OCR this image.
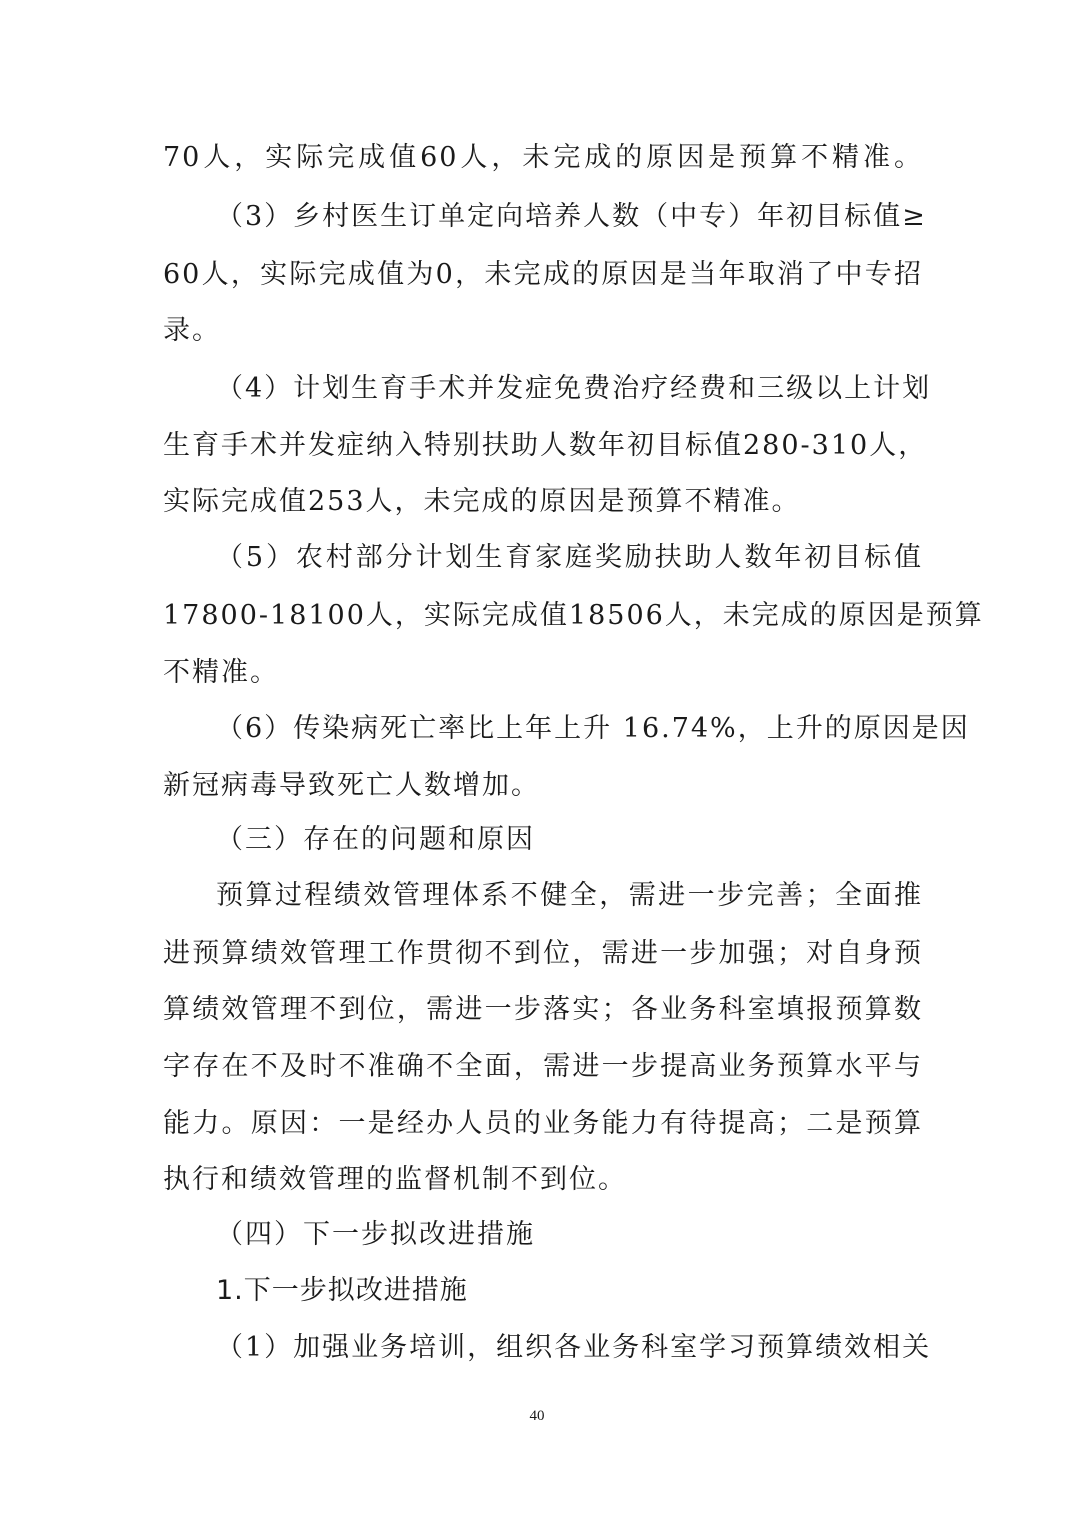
70人，实际完成值60人，未完成的原因是预算不精准。
（3）乡村医生订单定向培养人数（中专）年初目标值≥
60人，实际完成值为0，未完成的原因是当年取消了中专招
录。
（4）计划生育手术并发症免费治疗经费和三级以上计划
生育手术并发症纳入特别扶助人数年初目标值280-310人，
实际完成值253人，未完成的原因是预算不精准。
（5）农村部分计划生育家庭奖励扶助人数年初目标值
17800-18100人，实际完成值18506人，未完成的原因是预算
不精准。
（6）传染病死亡率比上年上升 16.74%，上升的原因是因
新冠病毒导致死亡人数增加。
（三）存在的问题和原因
预算过程绩效管理体系不健全，需进一步完善；全面推
进预算绩效管理工作贯彻不到位，需进一步加强；对自身预
算绩效管理不到位，需进一步落实；各业务科室填报预算数
字存在不及时不准确不全面，需进一步提高业务预算水平与
能力。原因：一是经办人员的业务能力有待提高；二是预算
执行和绩效管理的监督机制不到位。
（四）下一步拟改进措施
1.下一步拟改进措施
（1）加强业务培训，组织各业务科室学习预算绩效相关
40
